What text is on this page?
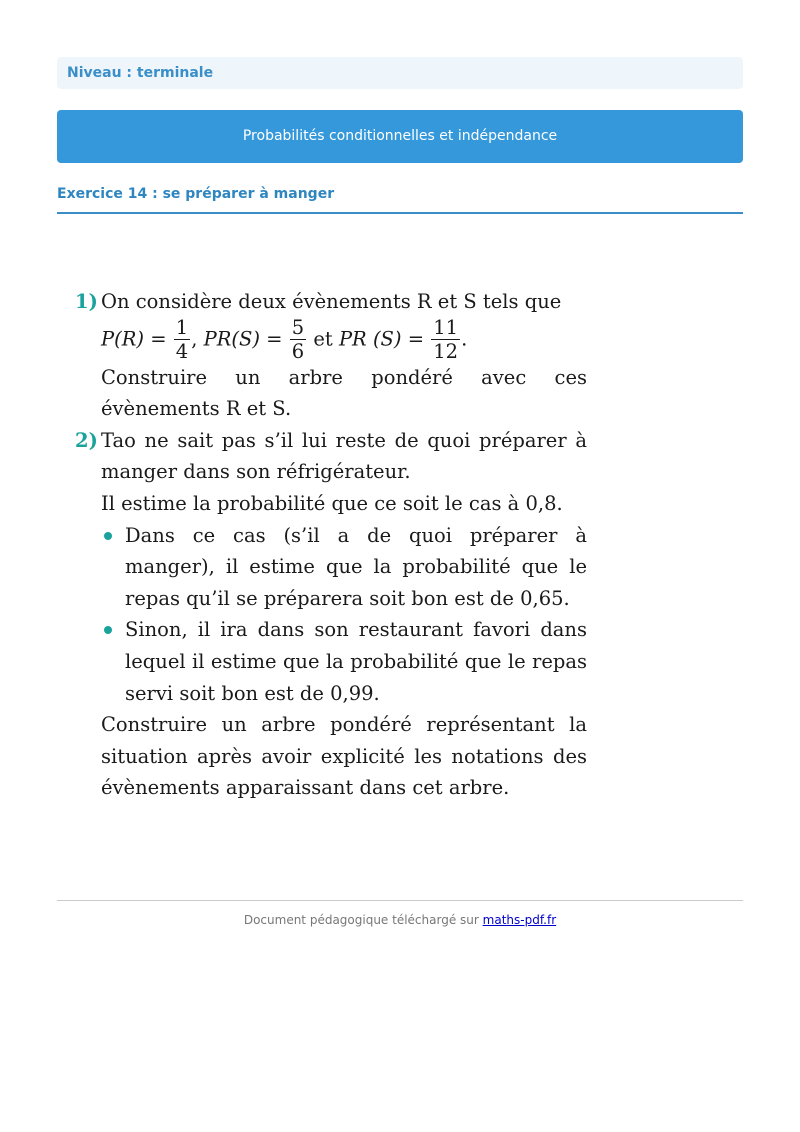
Niveau : terminale
Probabilités conditionnelles et indépendance
Exercice 14 : se préparer à manger
1) On considère deux évènements R et S tels que
$P(R) = \frac{1}{4}$ , $PR(S) = \frac{5}{6}$ et PR $(S) = \frac{11}{12}$ .
Construire un arbre pondéré avec ces évènements R et S.
2) Tao ne sait pas s’il lui reste de quoi préparer à manger dans son réfrigérateur.
Il estime la probabilité que ce soit le cas à 0,8.
Dans ce cas (s’il a de quoi préparer à manger), il estime que la probabilité que le repas qu’il se préparera soit bon est de 0,65.
Sinon, il ira dans son restaurant favori dans lequel il estime que la probabilité que le repas servi soit bon est de 0,99.
Construire un arbre pondéré représentant la situation après avoir explicité les notations des évènements apparaissant dans cet arbre.
Document pédagogique téléchargé sur maths-pdf.fr
